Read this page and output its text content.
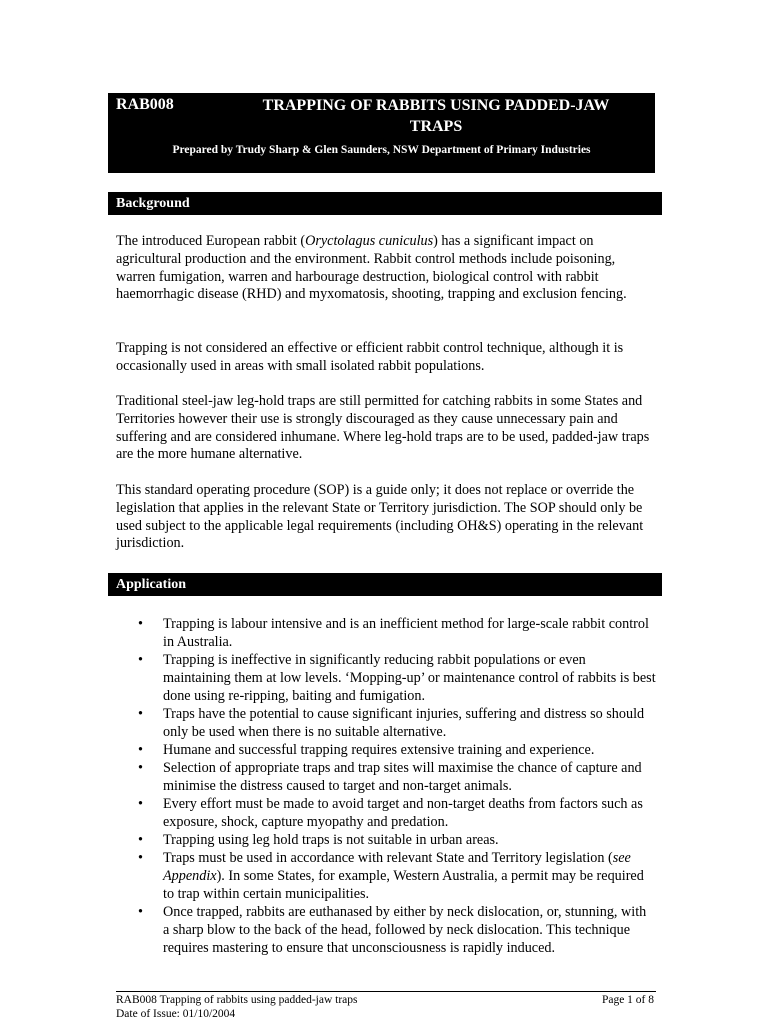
RAB008	TRAPPING OF RABBITS USING PADDED-JAW TRAPS
Prepared by Trudy Sharp & Glen Saunders, NSW Department of Primary Industries
Background

The introduced European rabbit (Oryctolagus cuniculus) has a significant impact on agricultural production and the environment. Rabbit control methods include poisoning, warren fumigation, warren and harbourage destruction, biological control with rabbit haemorrhagic disease (RHD) and myxomatosis, shooting, trapping and exclusion fencing.

Trapping is not considered an effective or efficient rabbit control technique, although it is occasionally used in areas with small isolated rabbit populations.

Traditional steel-jaw leg-hold traps are still permitted for catching rabbits in some States and Territories however their use is strongly discouraged as they cause unnecessary pain and suffering and are considered inhumane. Where leg-hold traps are to be used, padded-jaw traps are the more humane alternative.

This standard operating procedure (SOP) is a guide only; it does not replace or override the legislation that applies in the relevant State or Territory jurisdiction. The SOP should only be used subject to the applicable legal requirements (including OH&S) operating in the relevant jurisdiction.

Application
• Trapping is labour intensive and is an inefficient method for large-scale rabbit control in Australia.
• Trapping is ineffective in significantly reducing rabbit populations or even maintaining them at low levels. ‘Mopping-up’ or maintenance control of rabbits is best done using re-ripping, baiting and fumigation.
• Traps have the potential to cause significant injuries, suffering and distress so should only be used when there is no suitable alternative.
• Humane and successful trapping requires extensive training and experience.
• Selection of appropriate traps and trap sites will maximise the chance of capture and minimise the distress caused to target and non-target animals.
• Every effort must be made to avoid target and non-target deaths from factors such as exposure, shock, capture myopathy and predation.
• Trapping using leg hold traps is not suitable in urban areas.
• Traps must be used in accordance with relevant State and Territory legislation (see Appendix). In some States, for example, Western Australia, a permit may be required to trap within certain municipalities.
• Once trapped, rabbits are euthanased by either by neck dislocation, or, stunning, with a sharp blow to the back of the head, followed by neck dislocation. This technique requires mastering to ensure that unconsciousness is rapidly induced.
RAB008 Trapping of rabbits using padded-jaw traps	Page 1 of 8
Date of Issue: 01/10/2004
